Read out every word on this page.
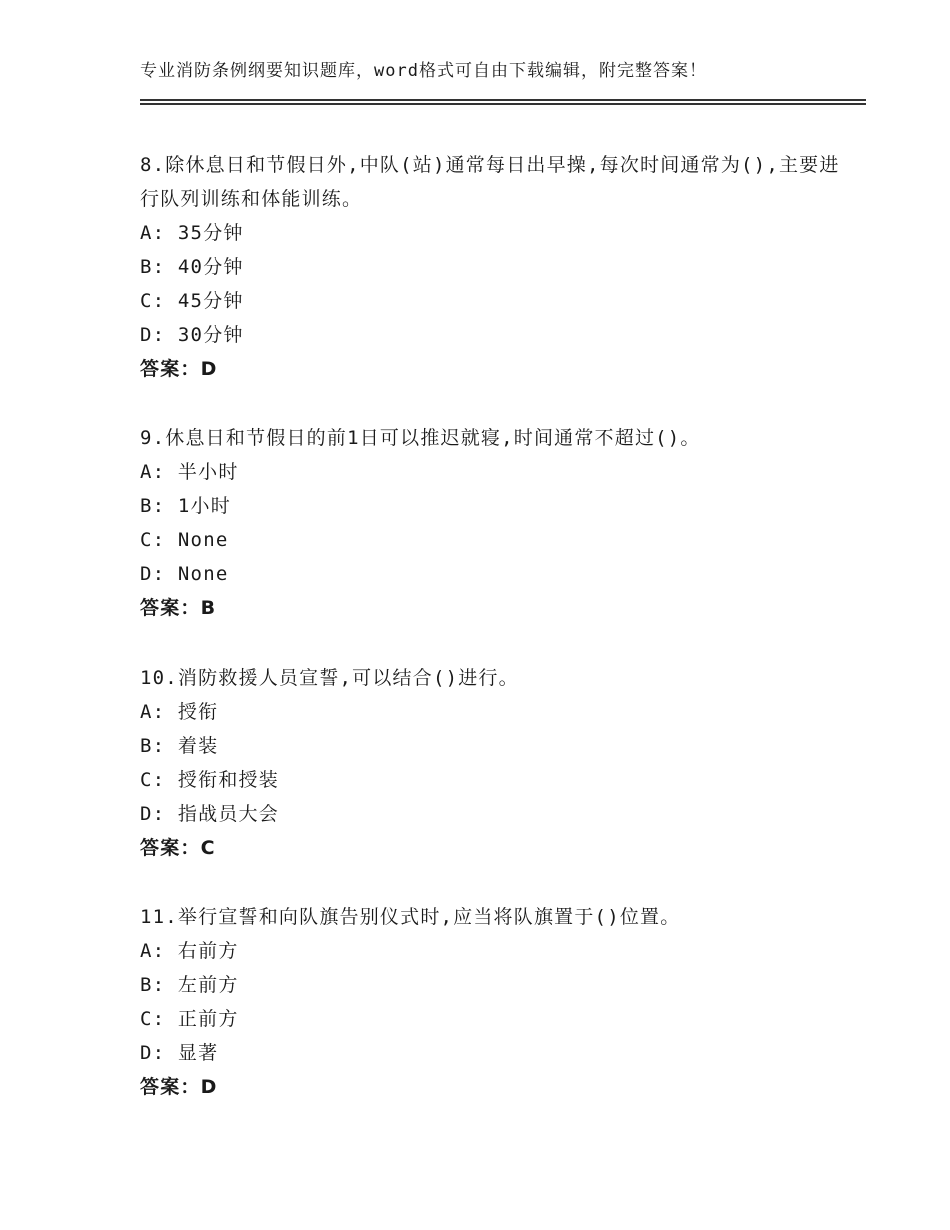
专业消防条例纲要知识题库，word格式可自由下载编辑，附完整答案！

8.除休息日和节假日外,中队(站)通常每日出早操,每次时间通常为(),主要进行队列训练和体能训练。

A: 35分钟
B: 40分钟
C: 45分钟
D: 30分钟
答案：D

9.休息日和节假日的前1日可以推迟就寝,时间通常不超过()。

A: 半小时
B: 1小时
C: None
D: None
答案：B

10.消防救援人员宣誓,可以结合()进行。

A: 授衔
B: 着装
C: 授衔和授装
D: 指战员大会
答案：C

11.举行宣誓和向队旗告别仪式时,应当将队旗置于()位置。

A: 右前方
B: 左前方
C: 正前方
D: 显著
答案：D
